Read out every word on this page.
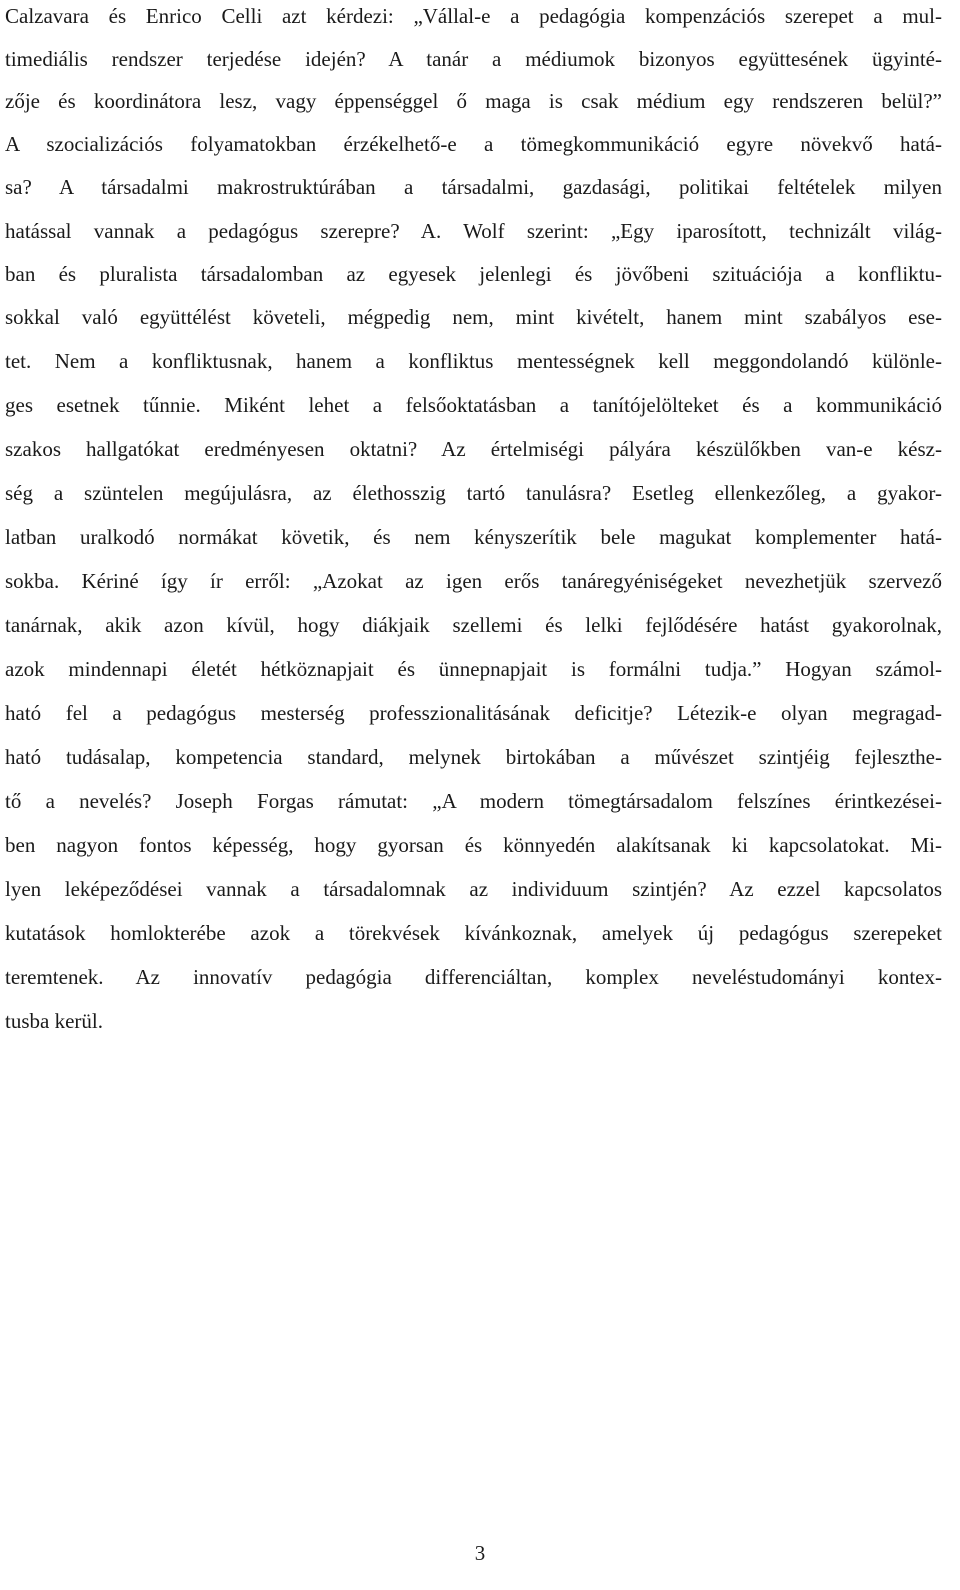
Calzavara és Enrico Celli azt kérdezi: „Vállal-e a pedagógia kompenzációs szerepet a mul-
timediális rendszer terjedése idején? A tanár a médiumok bizonyos együttesének ügyinté-
zője és koordinátora lesz, vagy éppenséggel ő maga is csak médium egy rendszeren belül?”
A szocializációs folyamatokban érzékelhető-e a tömegkommunikáció egyre növekvő hatá-
sa? A társadalmi makrostruktúrában a társadalmi, gazdasági, politikai feltételek milyen
hatással vannak a pedagógus szerepre? A. Wolf szerint: „Egy iparosított, technizált világ-
ban és pluralista társadalomban az egyesek jelenlegi és jövőbeni szituációja a konfliktu-
sokkal való együttélést követeli, mégpedig nem, mint kivételt, hanem mint szabályos ese-
tet. Nem a konfliktusnak, hanem a konfliktus mentességnek kell meggondolandó különle-
ges esetnek tűnnie. Miként lehet a felsőoktatásban a tanítójelölteket és a kommunikáció
szakos hallgatókat eredményesen oktatni? Az értelmiségi pályára készülőkben van-e kész-
ség a szüntelen megújulásra, az élethosszig tartó tanulásra? Esetleg ellenkezőleg, a gyakor-
latban uralkodó normákat követik, és nem kényszerítik bele magukat komplementer hatá-
sokba. Kériné így ír erről: „Azokat az igen erős tanáregyéniségeket nevezhetjük szervező
tanárnak, akik azon kívül, hogy diákjaik szellemi és lelki fejlődésére hatást gyakorolnak,
azok mindennapi életét hétköznapjait és ünnepnapjait is formálni tudja.” Hogyan számol-
ható fel a pedagógus mesterség professzionalitásának deficitje? Létezik-e olyan megragad-
ható tudásalap, kompetencia standard, melynek birtokában a művészet szintjéig fejleszthe-
tő a nevelés? Joseph Forgas rámutat: „A modern tömegtársadalom felszínes érintkezései-
ben nagyon fontos képesség, hogy gyorsan és könnyedén alakítsanak ki kapcsolatokat. Mi-
lyen leképeződései vannak a társadalomnak az individuum szintjén? Az ezzel kapcsolatos
kutatások homlokterébe azok a törekvések kívánkoznak, amelyek új pedagógus szerepeket
teremtenek. Az innovatív pedagógia differenciáltan, komplex neveléstudományi kontex-
tusba kerül.
3
